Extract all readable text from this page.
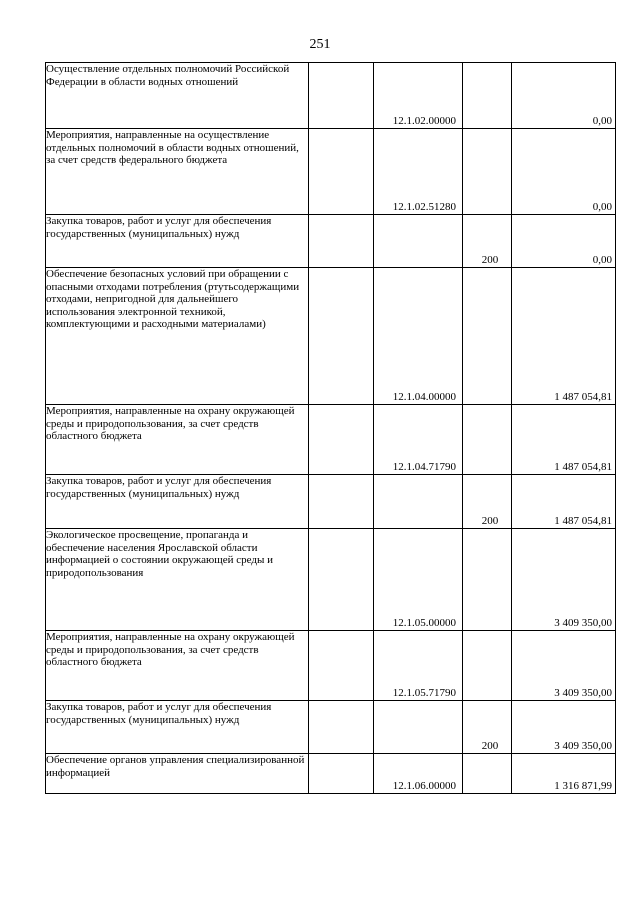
251
Осуществление отдельных полномочий Российской Федерации в области водных отношений		12.1.02.00000		0,00
Мероприятия, направленные на осуществление отдельных полномочий в области водных отношений, за счет средств федерального бюджета		12.1.02.51280		0,00
Закупка товаров, работ и услуг для обеспечения государственных (муниципальных) нужд			200	0,00
Обеспечение безопасных условий при обращении с опасными отходами потребления (ртутьсодержащими отходами, непригодной для дальнейшего использования электронной техникой, комплектующими и расходными материалами)		12.1.04.00000		1 487 054,81
Мероприятия, направленные на охрану окружающей среды и природопользования, за счет средств областного бюджета		12.1.04.71790		1 487 054,81
Закупка товаров, работ и услуг для обеспечения государственных (муниципальных) нужд			200	1 487 054,81
Экологическое просвещение, пропаганда и обеспечение населения Ярославской области информацией о состоянии окружающей среды и природопользования		12.1.05.00000		3 409 350,00
Мероприятия, направленные на охрану окружающей среды и природопользования, за счет средств областного бюджета		12.1.05.71790		3 409 350,00
Закупка товаров, работ и услуг для обеспечения государственных (муниципальных) нужд			200	3 409 350,00
Обеспечение органов управления специализированной информацией		12.1.06.00000		1 316 871,99
